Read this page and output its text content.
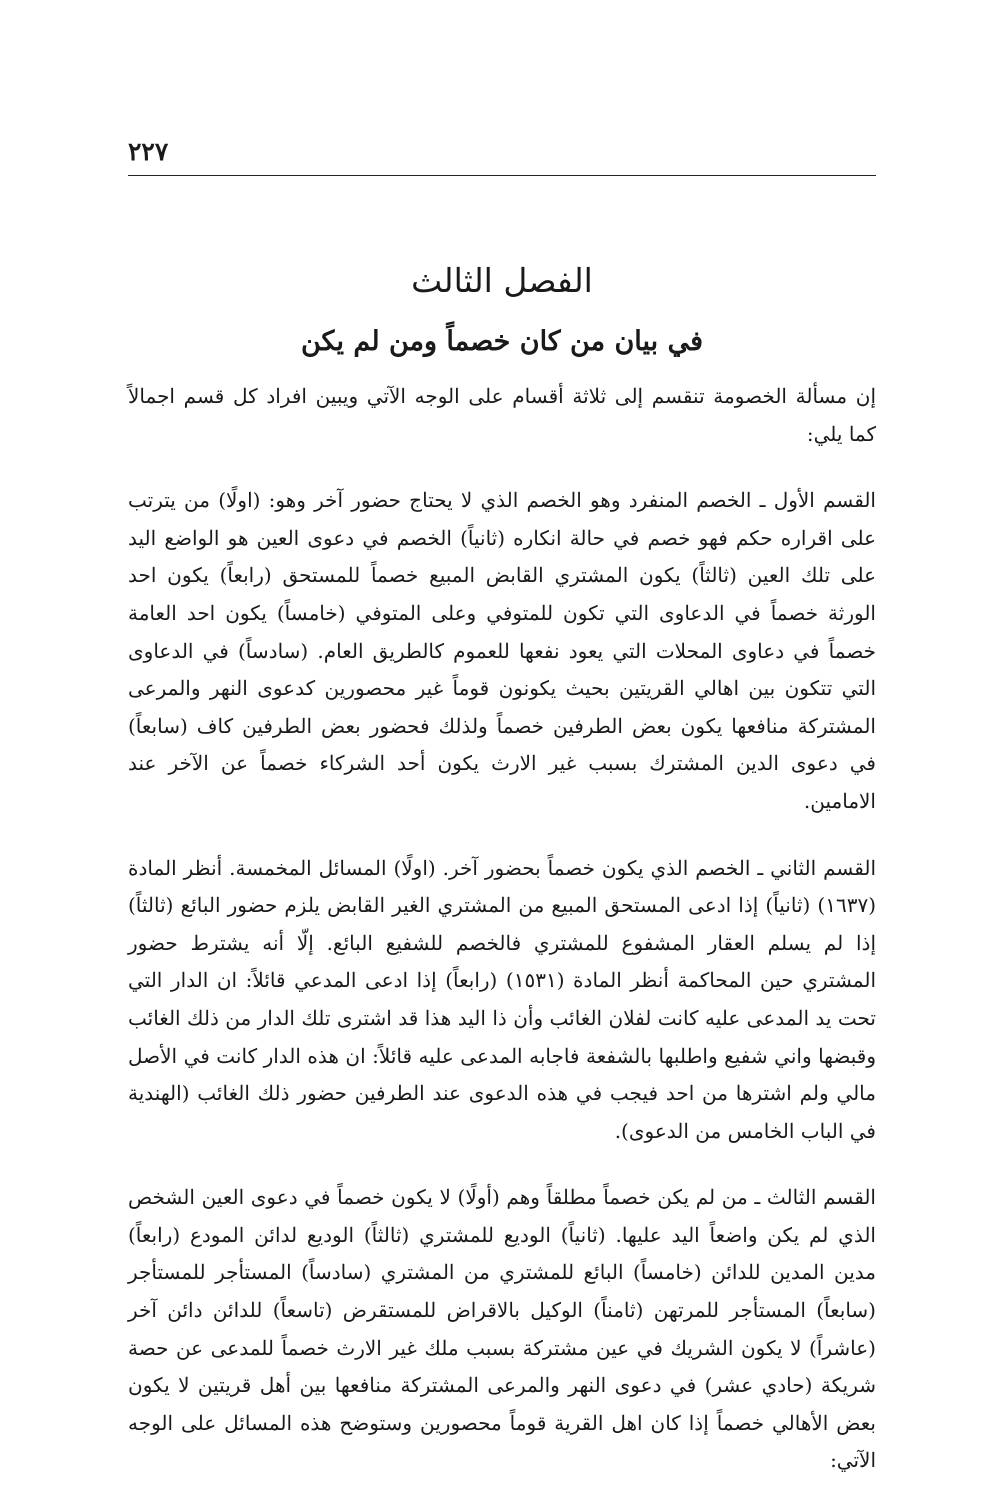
٢٢٧
الفصل الثالث
في بيان من كان خصماً ومن لم يكن

إن مسألة الخصومة تنقسم إلى ثلاثة أقسام على الوجه الآتي ويبين افراد كل قسم اجمالاً كما يلي:

القسم الأول ـ الخصم المنفرد وهو الخصم الذي لا يحتاج حضور آخر وهو: (اولًا) من يترتب على اقراره حكم فهو خصم في حالة انكاره (ثانياً) الخصم في دعوى العين هو الواضع اليد على تلك العين (ثالثاً) يكون المشتري القابض المبيع خصماً للمستحق (رابعاً) يكون احد الورثة خصماً في الدعاوى التي تكون للمتوفي وعلى المتوفي (خامساً) يكون احد العامة خصماً في دعاوى المحلات التي يعود نفعها للعموم كالطريق العام. (سادساً) في الدعاوى التي تتكون بين اهالي القريتين بحيث يكونون قوماً غير محصورين كدعوى النهر والمرعى المشتركة منافعها يكون بعض الطرفين خصماً ولذلك فحضور بعض الطرفين كاف (سابعاً) في دعوى الدين المشترك بسبب غير الارث يكون أحد الشركاء خصماً عن الآخر عند الامامين.

القسم الثاني ـ الخصم الذي يكون خصماً بحضور آخر. (اولًا) المسائل المخمسة. أنظر المادة (١٦٣٧) (ثانياً) إذا ادعى المستحق المبيع من المشتري الغير القابض يلزم حضور البائع (ثالثاً) إذا لم يسلم العقار المشفوع للمشتري فالخصم للشفيع البائع. إلّا أنه يشترط حضور المشتري حين المحاكمة أنظر المادة (١٥٣١) (رابعاً) إذا ادعى المدعي قائلاً: ان الدار التي تحت يد المدعى عليه كانت لفلان الغائب وأن ذا اليد هذا قد اشترى تلك الدار من ذلك الغائب وقبضها واني شفيع واطلبها بالشفعة فاجابه المدعى عليه قائلاً: ان هذه الدار كانت في الأصل مالي ولم اشترها من احد فيجب في هذه الدعوى عند الطرفين حضور ذلك الغائب (الهندية في الباب الخامس من الدعوى).

القسم الثالث ـ من لم يكن خصماً مطلقاً وهم (أولًا) لا يكون خصماً في دعوى العين الشخص الذي لم يكن واضعاً اليد عليها. (ثانياً) الوديع للمشتري (ثالثاً) الوديع لدائن المودع (رابعاً) مدين المدين للدائن (خامساً) البائع للمشتري من المشتري (سادساً) المستأجر للمستأجر (سابعاً) المستأجر للمرتهن (ثامناً) الوكيل بالاقراض للمستقرض (تاسعاً) للدائن دائن آخر (عاشراً) لا يكون الشريك في عين مشتركة بسبب ملك غير الارث خصماً للمدعى عن حصة شريكة (حادي عشر) في دعوى النهر والمرعى المشتركة منافعها بين أهل قريتين لا يكون بعض الأهالي خصماً إذا كان اهل القرية قوماً محصورين وستوضح هذه المسائل على الوجه الآتي:
